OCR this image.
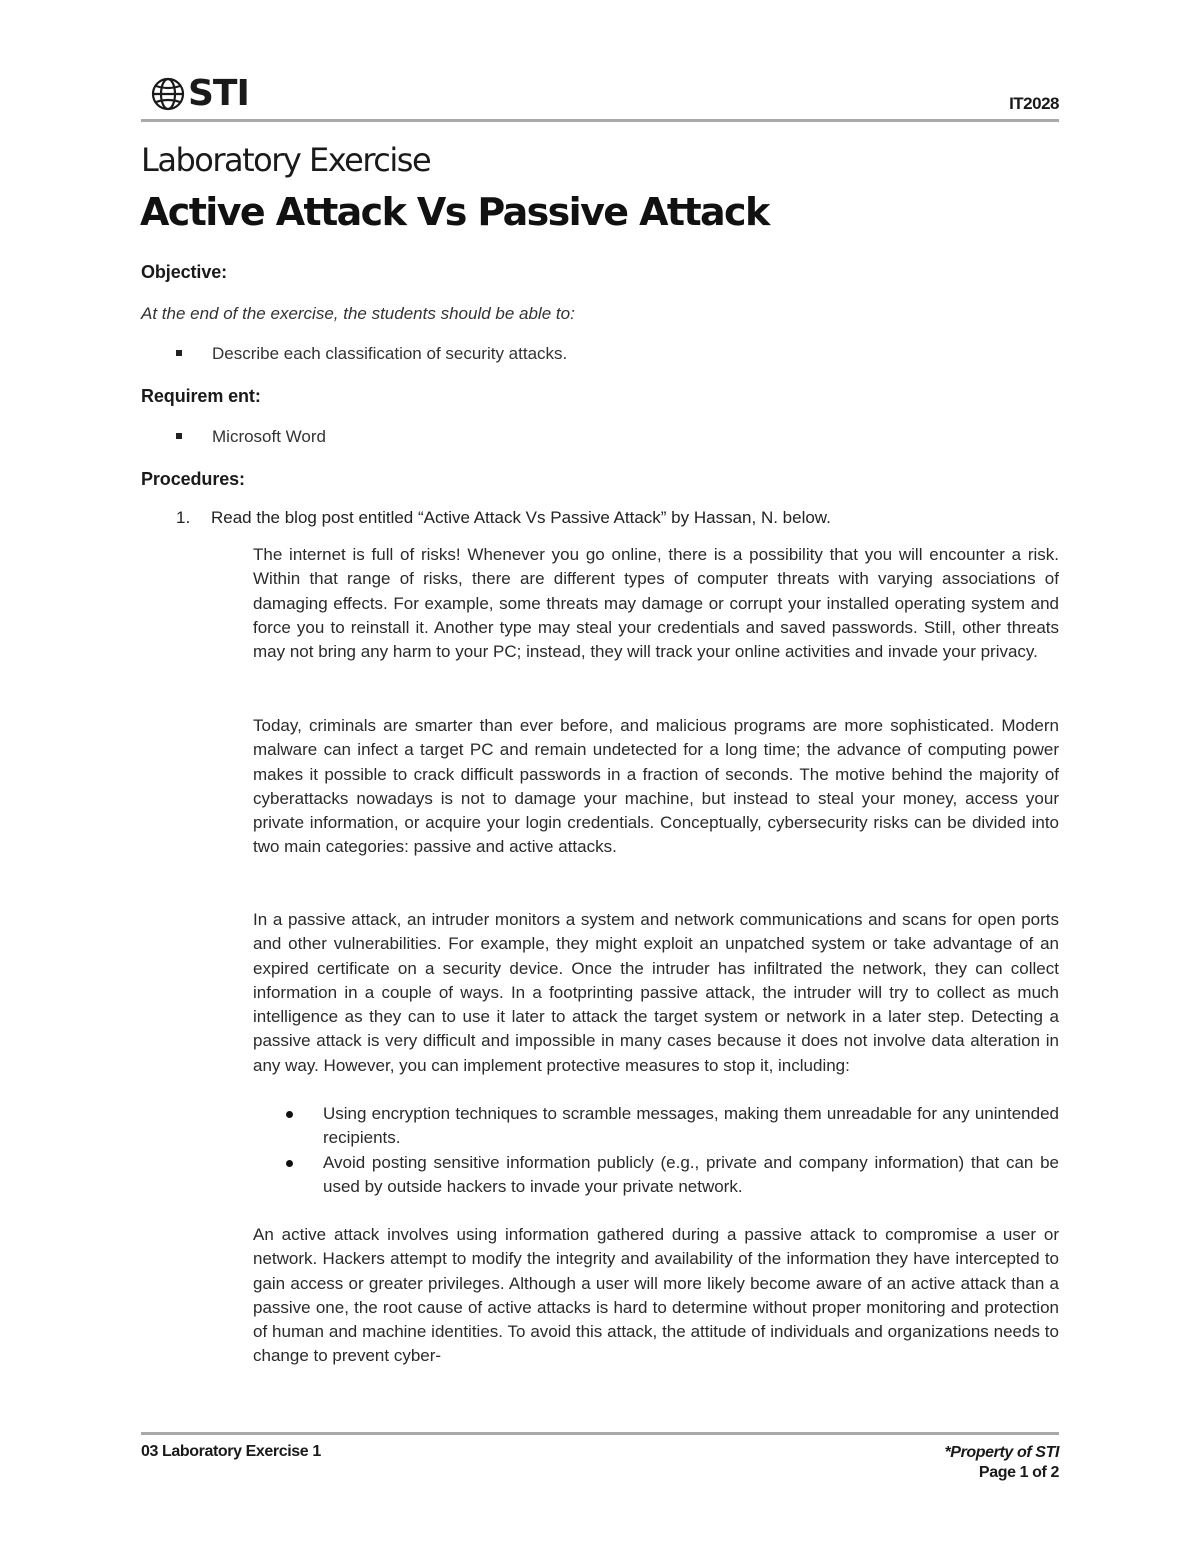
STI	IT2028
Laboratory Exercise
Active Attack Vs Passive Attack
Objective:
At the end of the exercise, the students should be able to:
Describe each classification of security attacks.
Requirem ent:
Microsoft Word
Procedures:
1. Read the blog post entitled “Active Attack Vs Passive Attack” by Hassan, N. below.
The internet is full of risks! Whenever you go online, there is a possibility that you will encounter a risk. Within that range of risks, there are different types of computer threats with varying associations of damaging effects. For example, some threats may damage or corrupt your installed operating system and force you to reinstall it. Another type may steal your credentials and saved passwords. Still, other threats may not bring any harm to your PC; instead, they will track your online activities and invade your privacy.
Today, criminals are smarter than ever before, and malicious programs are more sophisticated. Modern malware can infect a target PC and remain undetected for a long time; the advance of computing power makes it possible to crack difficult passwords in a fraction of seconds. The motive behind the majority of cyberattacks nowadays is not to damage your machine, but instead to steal your money, access your private information, or acquire your login credentials. Conceptually, cybersecurity risks can be divided into two main categories: passive and active attacks.
In a passive attack, an intruder monitors a system and network communications and scans for open ports and other vulnerabilities. For example, they might exploit an unpatched system or take advantage of an expired certificate on a security device. Once the intruder has infiltrated the network, they can collect information in a couple of ways. In a footprinting passive attack, the intruder will try to collect as much intelligence as they can to use it later to attack the target system or network in a later step. Detecting a passive attack is very difficult and impossible in many cases because it does not involve data alteration in any way. However, you can implement protective measures to stop it, including:
Using encryption techniques to scramble messages, making them unreadable for any unintended recipients.
Avoid posting sensitive information publicly (e.g., private and company information) that can be used by outside hackers to invade your private network.
An active attack involves using information gathered during a passive attack to compromise a user or network. Hackers attempt to modify the integrity and availability of the information they have intercepted to gain access or greater privileges. Although a user will more likely become aware of an active attack than a passive one, the root cause of active attacks is hard to determine without proper monitoring and protection of human and machine identities. To avoid this attack, the attitude of individuals and organizations needs to change to prevent cyber-
03 Laboratory Exercise 1	*Property of STI
Page 1 of 2
